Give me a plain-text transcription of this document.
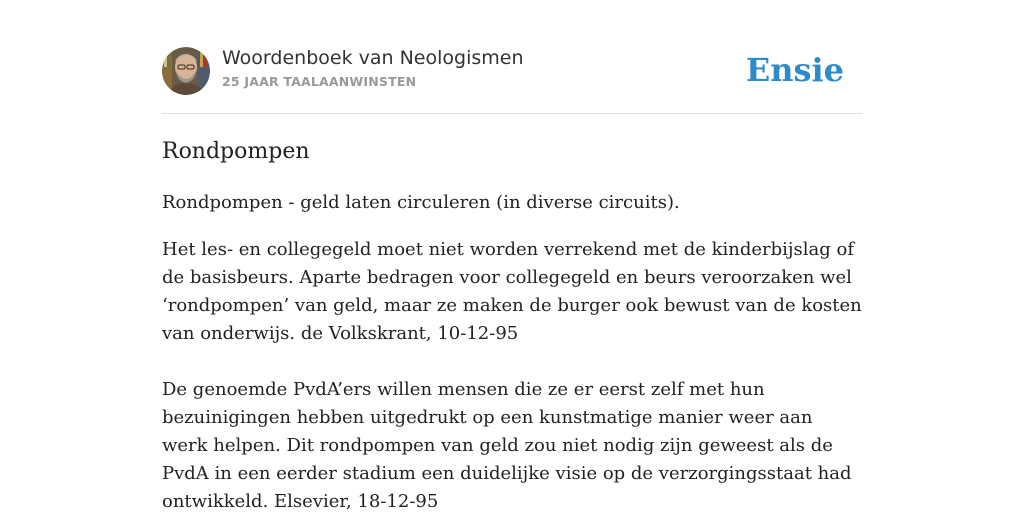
Woordenboek van Neologismen
25 JAAR TAALAANWINSTEN	Ensie
Rondpompen

Rondpompen - geld laten circuleren (in diverse circuits).

Het les- en collegegeld moet niet worden verrekend met de kinderbijslag of de basisbeurs. Aparte bedragen voor collegegeld en beurs veroorzaken wel ‘rondpompen’ van geld, maar ze maken de burger ook bewust van de kosten van onderwijs. de Volkskrant, 10-12-95

De genoemde PvdA’ers willen mensen die ze er eerst zelf met hun bezuinigingen hebben uitgedrukt op een kunstmatige manier weer aan werk helpen. Dit rondpompen van geld zou niet nodig zijn geweest als de PvdA in een eerder stadium een duidelijke visie op de verzorgingsstaat had ontwikkeld. Elsevier, 18-12-95
